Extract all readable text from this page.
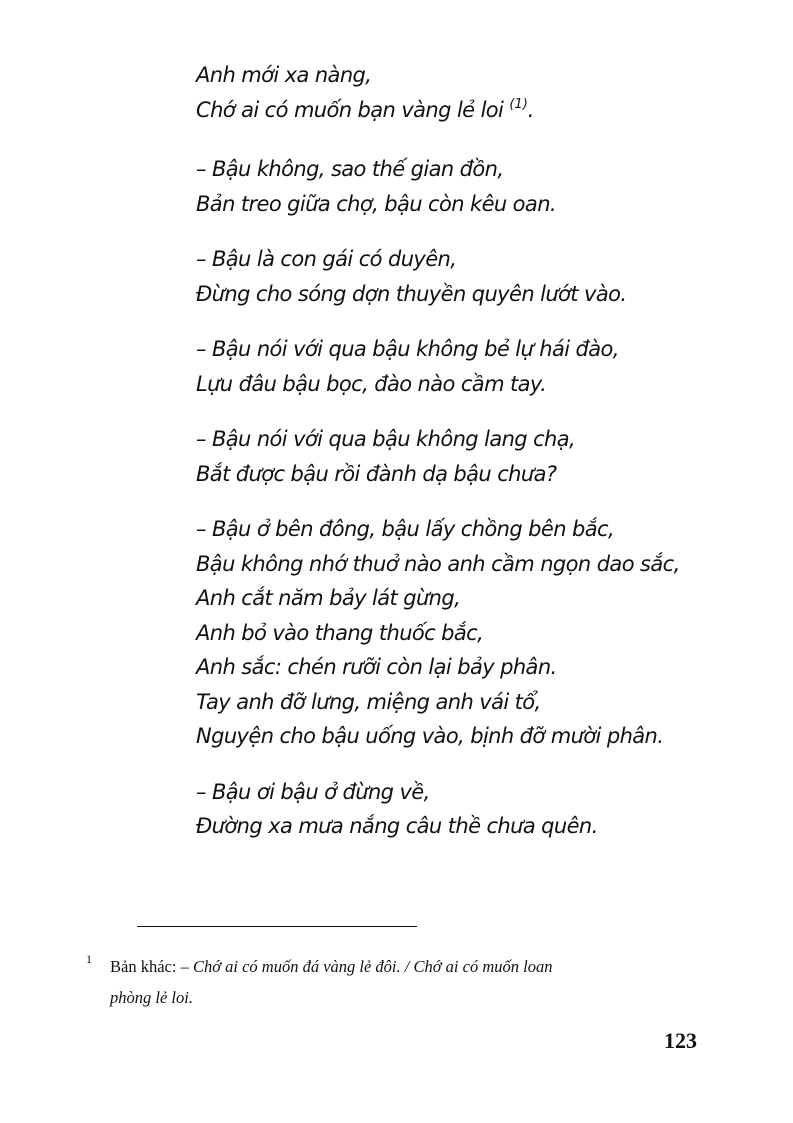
Anh mới xa nàng,
Chớ ai có muốn bạn vàng lẻ loi $^{(1)}$.
– Bậu không, sao thế gian đồn,
Bản treo giữa chợ, bậu còn kêu oan.
– Bậu là con gái có duyên,
Đừng cho sóng dợn thuyền quyên lướt vào.
– Bậu nói với qua bậu không bẻ lự hái đào,
Lựu đâu bậu bọc, đào nào cầm tay.
– Bậu nói với qua bậu không lang chạ,
Bắt được bậu rồi đành dạ bậu chưa?
– Bậu ở bên đông, bậu lấy chồng bên bắc,
Bậu không nhớ thuở nào anh cầm ngọn dao sắc,
Anh cắt năm bảy lát gừng,
Anh bỏ vào thang thuốc bắc,
Anh sắc: chén rưỡi còn lại bảy phân.
Tay anh đỡ lưng, miệng anh vái tổ,
Nguyện cho bậu uống vào, bịnh đỡ mười phân.
– Bậu ơi bậu ở đừng về,
Đường xa mưa nắng câu thề chưa quên.
1 Bản khác: – Chớ ai có muốn đá vàng lẻ đôi. / Chớ ai có muốn loan
phòng lẻ loi.
123
